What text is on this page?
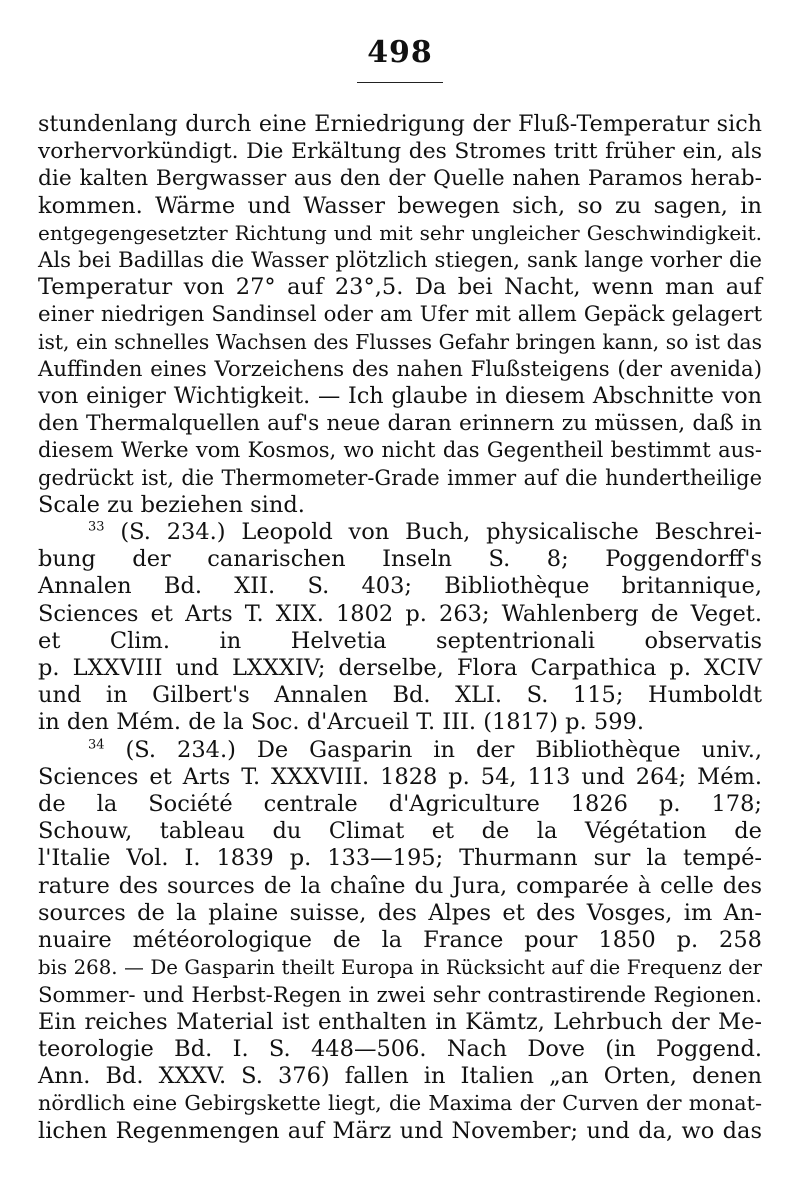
498
stundenlang durch eine Erniedrigung der Fluß-Temperatur sich
vorhervorkündigt. Die Erkältung des Stromes tritt früher ein, als
die kalten Bergwasser aus den der Quelle nahen Paramos herab-
kommen. Wärme und Wasser bewegen sich, so zu sagen, in
entgegengesetzter Richtung und mit sehr ungleicher Geschwindigkeit.
Als bei Badillas die Wasser plötzlich stiegen, sank lange vorher die
Temperatur von 27° auf 23°,5. Da bei Nacht, wenn man auf
einer niedrigen Sandinsel oder am Ufer mit allem Gepäck gelagert
ist, ein schnelles Wachsen des Flusses Gefahr bringen kann, so ist das
Auffinden eines Vorzeichens des nahen Flußsteigens (der avenida)
von einiger Wichtigkeit. — Ich glaube in diesem Abschnitte von
den Thermalquellen auf's neue daran erinnern zu müssen, daß in
diesem Werke vom Kosmos, wo nicht das Gegentheil bestimmt aus-
gedrückt ist, die Thermometer-Grade immer auf die hundertheilige
Scale zu beziehen sind.
$^{33}$ (S. 234.) Leopold von Buch, physicalische Beschrei-
bung der canarischen Inseln S. 8; Poggendorff's
Annalen Bd. XII. S. 403; Bibliothèque britannique,
Sciences et Arts T. XIX. 1802 p. 263; Wahlenberg de Veget.
et Clim. in Helvetia septentrionali observatis
p. LXXVIII und LXXXIV; derselbe, Flora Carpathica p. XCIV
und in Gilbert's Annalen Bd. XLI. S. 115; Humboldt
in den Mém. de la Soc. d'Arcueil T. III. (1817) p. 599.
$^{34}$ (S. 234.) De Gasparin in der Bibliothèque univ.,
Sciences et Arts T. XXXVIII. 1828 p. 54, 113 und 264; Mém.
de la Société centrale d'Agriculture 1826 p. 178;
Schouw, tableau du Climat et de la Végétation de
l'Italie Vol. I. 1839 p. 133—195; Thurmann sur la tempé-
rature des sources de la chaîne du Jura, comparée à celle des
sources de la plaine suisse, des Alpes et des Vosges, im An-
nuaire météorologique de la France pour 1850 p. 258
bis 268. — De Gasparin theilt Europa in Rücksicht auf die Frequenz der
Sommer- und Herbst-Regen in zwei sehr contrastirende Regionen.
Ein reiches Material ist enthalten in Kämtz, Lehrbuch der Me-
teorologie Bd. I. S. 448—506. Nach Dove (in Poggend.
Ann. Bd. XXXV. S. 376) fallen in Italien „an Orten, denen
nördlich eine Gebirgskette liegt, die Maxima der Curven der monat-
lichen Regenmengen auf März und November; und da, wo das
